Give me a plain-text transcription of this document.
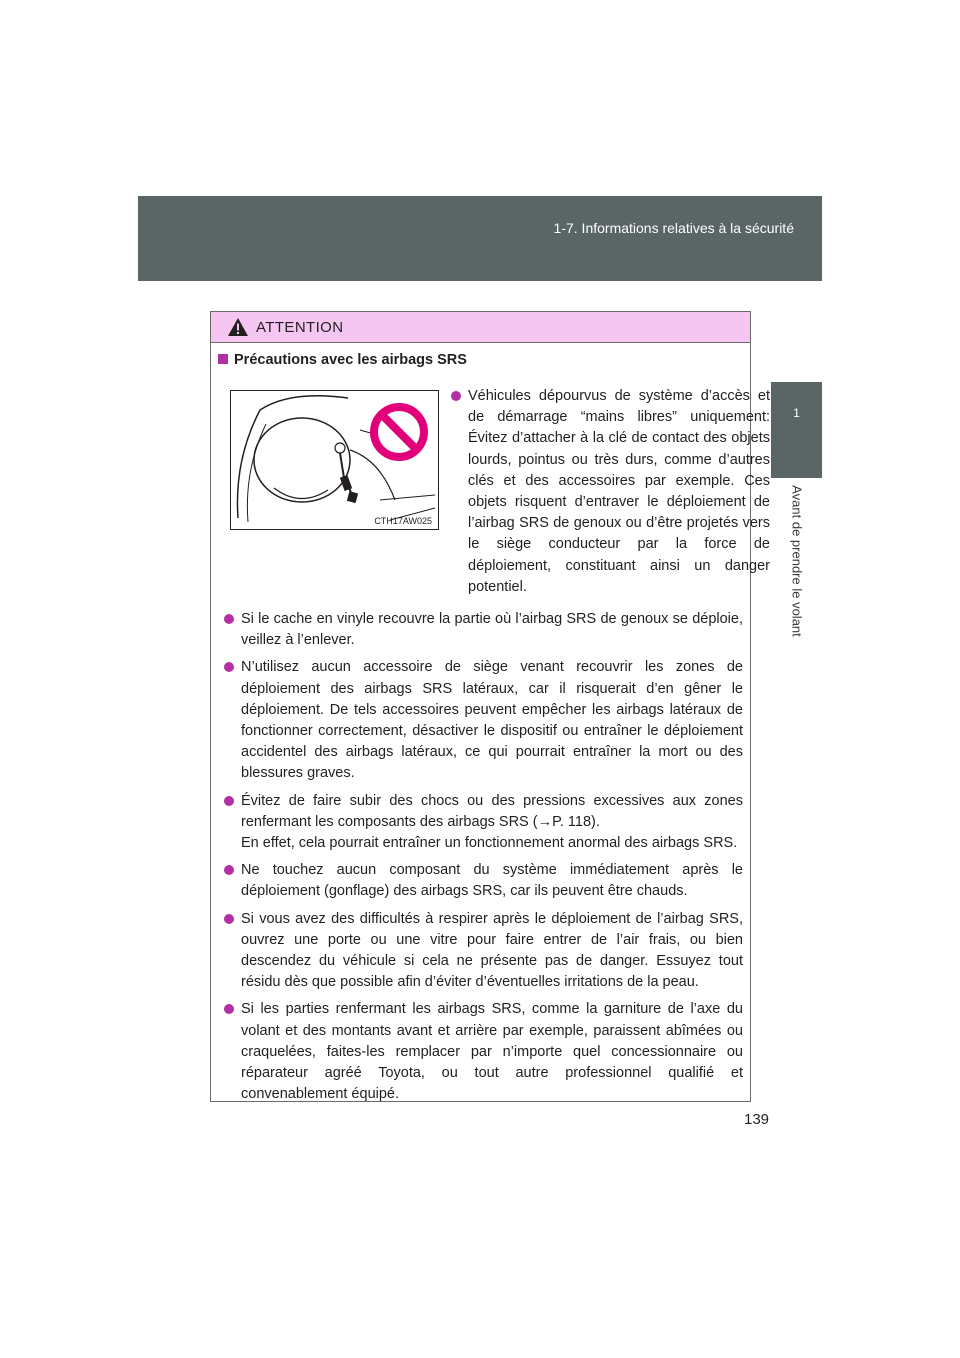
1-7. Informations relatives à la sécurité
1
Avant de prendre le volant
ATTENTION
Précautions avec les airbags SRS
CTH17AW025
Véhicules dépourvus de système d’accès et de démarrage “mains libres” uniquement: Évitez d’attacher à la clé de contact des objets lourds, pointus ou très durs, comme d’autres clés et des accessoires par exemple. Ces objets risquent d’entraver le déploiement de l’airbag SRS de genoux ou d’être projetés vers le siège conducteur par la force de déploiement, constituant ainsi un danger potentiel.
Si le cache en vinyle recouvre la partie où l’airbag SRS de genoux se déploie, veillez à l’enlever.
N’utilisez aucun accessoire de siège venant recouvrir les zones de déploiement des airbags SRS latéraux, car il risquerait d’en gêner le déploiement. De tels accessoires peuvent empêcher les airbags latéraux de fonctionner correctement, désactiver le dispositif ou entraîner le déploiement accidentel des airbags latéraux, ce qui pourrait entraîner la mort ou des blessures graves.
Évitez de faire subir des chocs ou des pressions excessives aux zones renfermant les composants des airbags SRS (→P. 118).
En effet, cela pourrait entraîner un fonctionnement anormal des airbags SRS.
Ne touchez aucun composant du système immédiatement après le déploiement (gonflage) des airbags SRS, car ils peuvent être chauds.
Si vous avez des difficultés à respirer après le déploiement de l’airbag SRS, ouvrez une porte ou une vitre pour faire entrer de l’air frais, ou bien descendez du véhicule si cela ne présente pas de danger. Essuyez tout résidu dès que possible afin d’éviter d’éventuelles irritations de la peau.
Si les parties renfermant les airbags SRS, comme la garniture de l’axe du volant et des montants avant et arrière par exemple, paraissent abîmées ou craquelées, faites-les remplacer par n’importe quel concessionnaire ou réparateur agréé Toyota, ou tout autre professionnel qualifié et convenablement équipé.
139
